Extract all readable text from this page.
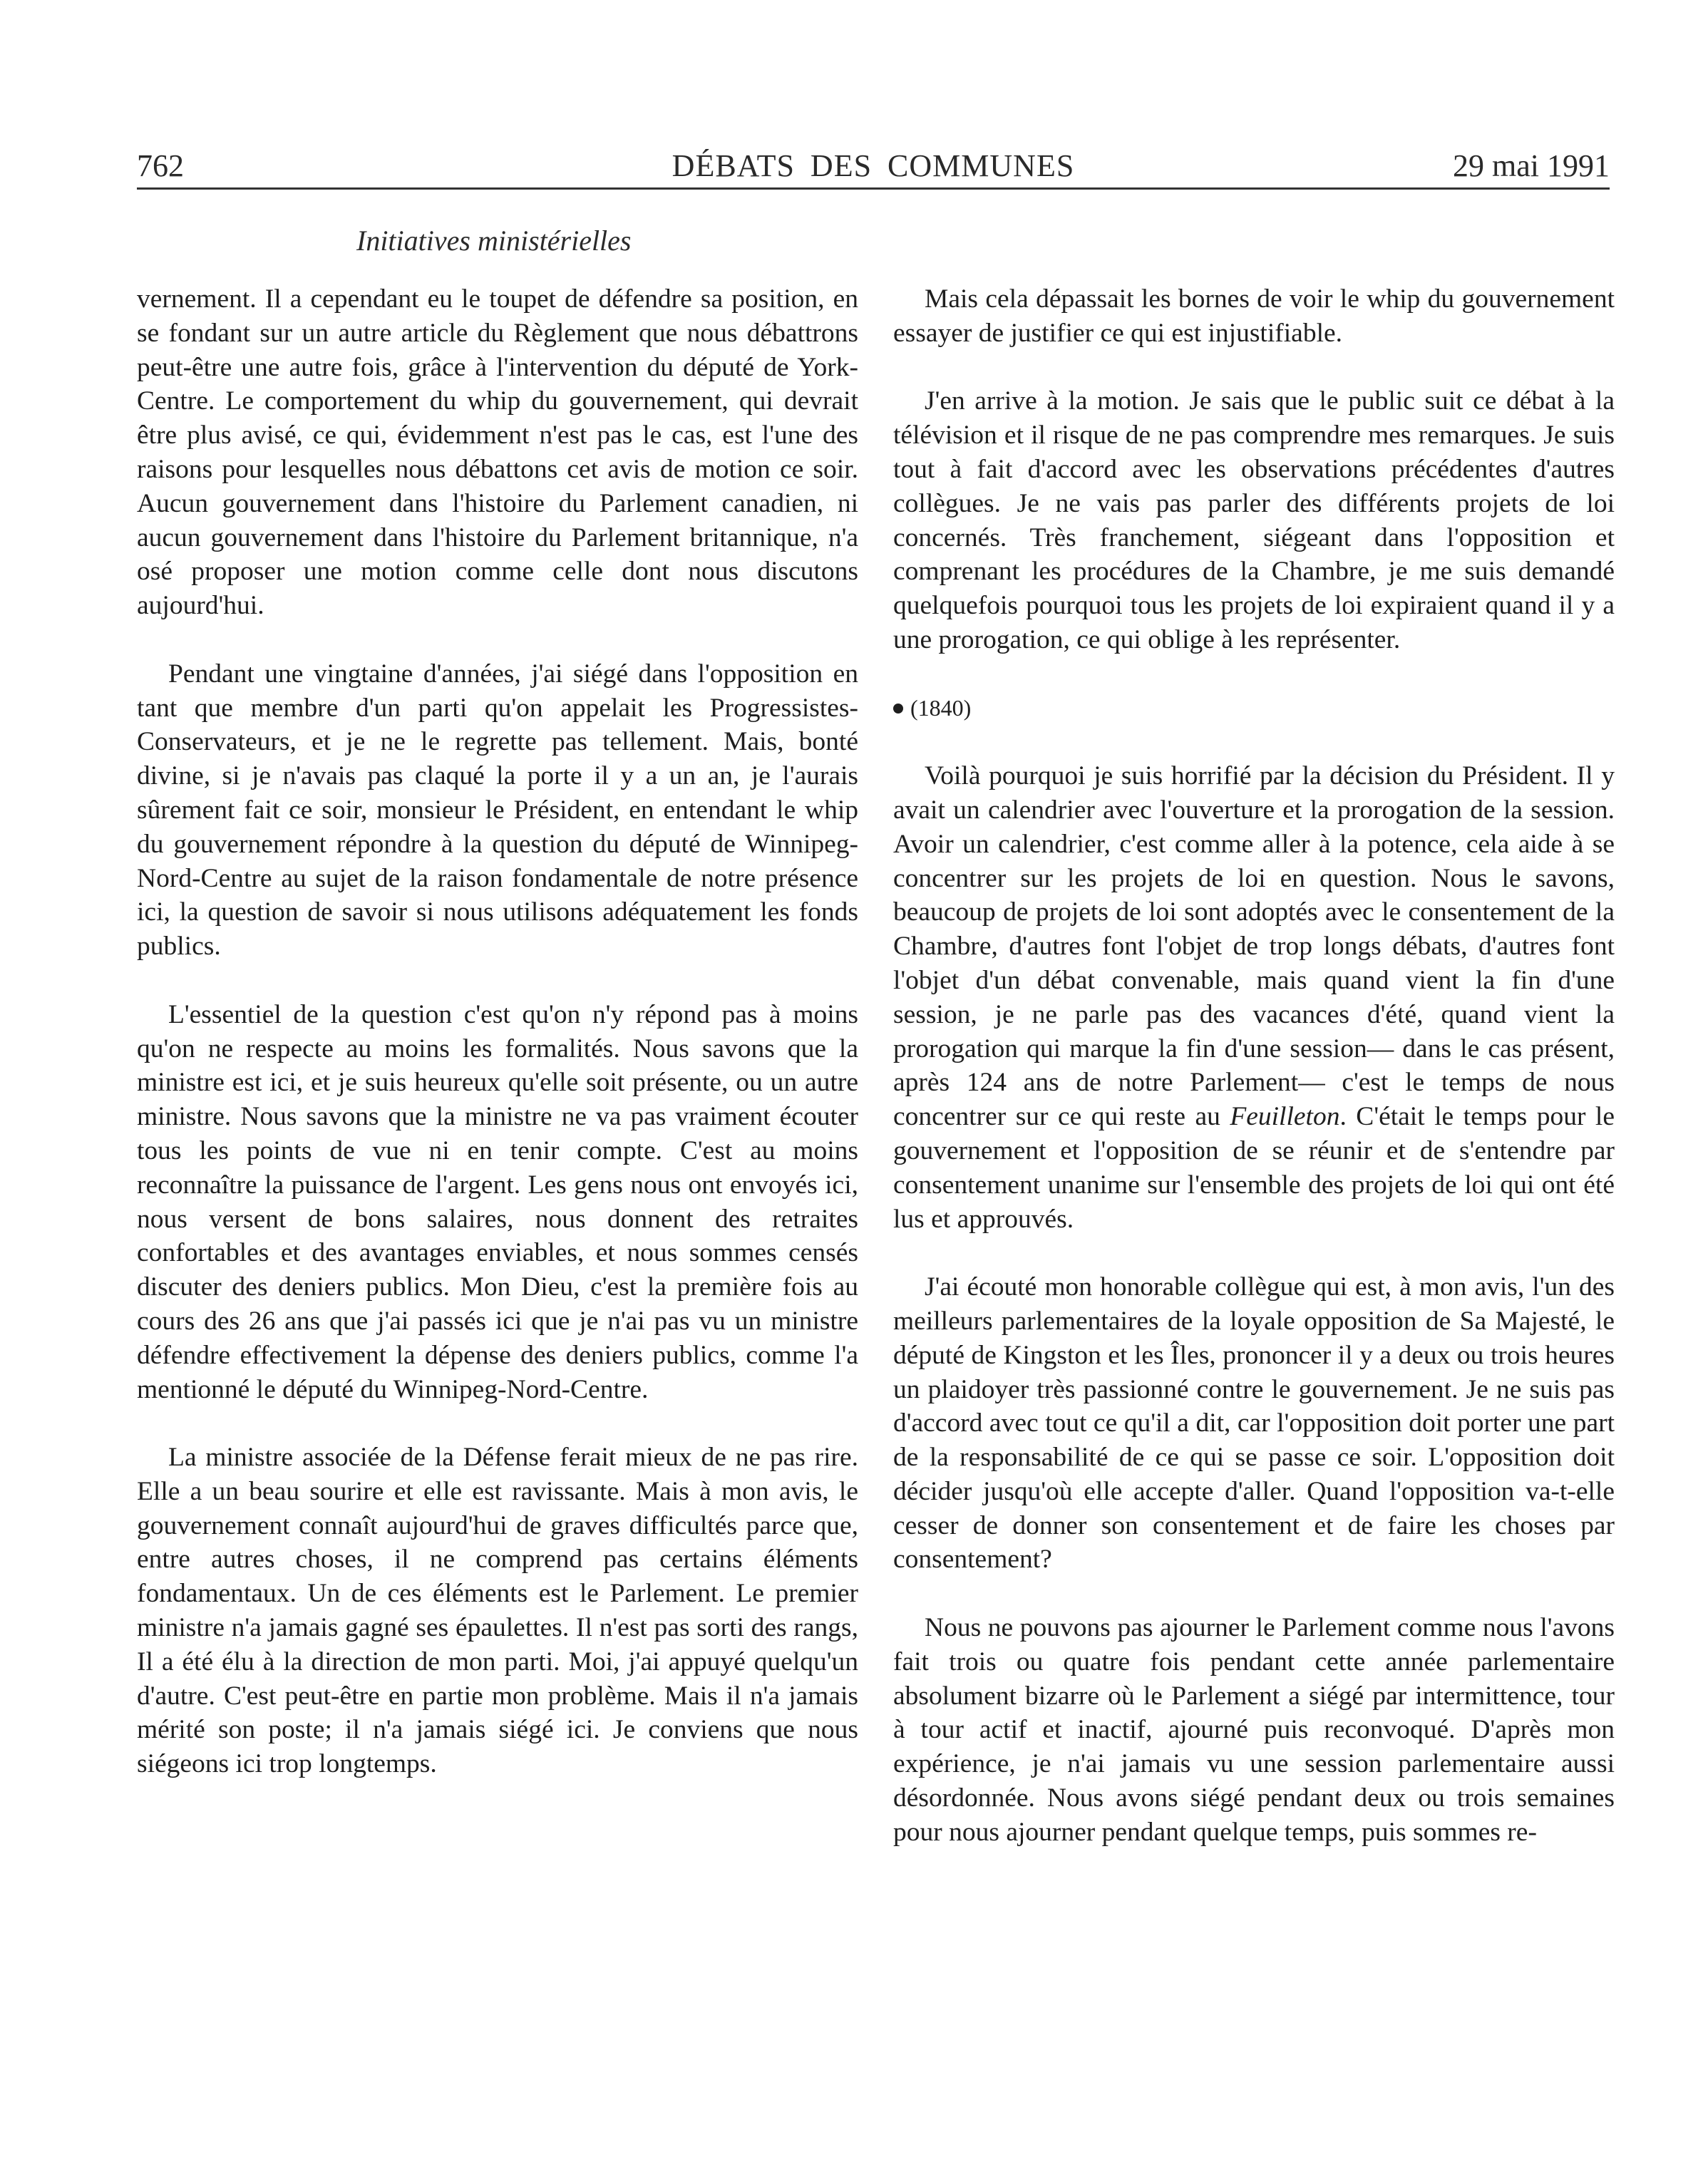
762	DÉBATS DES COMMUNES	29 mai 1991
Initiatives ministérielles

vernement. Il a cependant eu le toupet de défendre sa position, en se fondant sur un autre article du Règlement que nous débattrons peut-être une autre fois, grâce à l'intervention du député de York-Centre. Le comportement du whip du gouvernement, qui devrait être plus avisé, ce qui, évidemment n'est pas le cas, est l'une des raisons pour lesquelles nous débattons cet avis de motion ce soir. Aucun gouvernement dans l'histoire du Parlement canadien, ni aucun gouvernement dans l'histoire du Parlement britannique, n'a osé proposer une motion comme celle dont nous discutons aujourd'hui.

Pendant une vingtaine d'années, j'ai siégé dans l'opposition en tant que membre d'un parti qu'on appelait les Progressistes-Conservateurs, et je ne le regrette pas tellement. Mais, bonté divine, si je n'avais pas claqué la porte il y a un an, je l'aurais sûrement fait ce soir, monsieur le Président, en entendant le whip du gouvernement répondre à la question du député de Winnipeg-Nord-Centre au sujet de la raison fondamentale de notre présence ici, la question de savoir si nous utilisons adéquatement les fonds publics.

L'essentiel de la question c'est qu'on n'y répond pas à moins qu'on ne respecte au moins les formalités. Nous savons que la ministre est ici, et je suis heureux qu'elle soit présente, ou un autre ministre. Nous savons que la ministre ne va pas vraiment écouter tous les points de vue ni en tenir compte. C'est au moins reconnaître la puissance de l'argent. Les gens nous ont envoyés ici, nous versent de bons salaires, nous donnent des retraites confortables et des avantages enviables, et nous sommes censés discuter des deniers publics. Mon Dieu, c'est la première fois au cours des 26 ans que j'ai passés ici que je n'ai pas vu un ministre défendre effectivement la dépense des deniers publics, comme l'a mentionné le député du Winnipeg-Nord-Centre.

La ministre associée de la Défense ferait mieux de ne pas rire. Elle a un beau sourire et elle est ravissante. Mais à mon avis, le gouvernement connaît aujourd'hui de graves difficultés parce que, entre autres choses, il ne comprend pas certains éléments fondamentaux. Un de ces éléments est le Parlement. Le premier ministre n'a jamais gagné ses épaulettes. Il n'est pas sorti des rangs, Il a été élu à la direction de mon parti. Moi, j'ai appuyé quelqu'un d'autre. C'est peut-être en partie mon problème. Mais il n'a jamais mérité son poste; il n'a jamais siégé ici. Je conviens que nous siégeons ici trop longtemps.

Mais cela dépassait les bornes de voir le whip du gouvernement essayer de justifier ce qui est injustifiable.

J'en arrive à la motion. Je sais que le public suit ce débat à la télévision et il risque de ne pas comprendre mes remarques. Je suis tout à fait d'accord avec les observations précédentes d'autres collègues. Je ne vais pas parler des différents projets de loi concernés. Très franchement, siégeant dans l'opposition et comprenant les procédures de la Chambre, je me suis demandé quelquefois pourquoi tous les projets de loi expiraient quand il y a une prorogation, ce qui oblige à les représenter.

(1840)

Voilà pourquoi je suis horrifié par la décision du Président. Il y avait un calendrier avec l'ouverture et la prorogation de la session. Avoir un calendrier, c'est comme aller à la potence, cela aide à se concentrer sur les projets de loi en question. Nous le savons, beaucoup de projets de loi sont adoptés avec le consentement de la Chambre, d'autres font l'objet de trop longs débats, d'autres font l'objet d'un débat convenable, mais quand vient la fin d'une session, je ne parle pas des vacances d'été, quand vient la prorogation qui marque la fin d'une session— dans le cas présent, après 124 ans de notre Parlement— c'est le temps de nous concentrer sur ce qui reste au Feuilleton. C'était le temps pour le gouvernement et l'opposition de se réunir et de s'entendre par consentement unanime sur l'ensemble des projets de loi qui ont été lus et approuvés.

J'ai écouté mon honorable collègue qui est, à mon avis, l'un des meilleurs parlementaires de la loyale opposition de Sa Majesté, le député de Kingston et les Îles, prononcer il y a deux ou trois heures un plaidoyer très passionné contre le gouvernement. Je ne suis pas d'accord avec tout ce qu'il a dit, car l'opposition doit porter une part de la responsabilité de ce qui se passe ce soir. L'opposition doit décider jusqu'où elle accepte d'aller. Quand l'opposition va-t-elle cesser de donner son consentement et de faire les choses par consentement?

Nous ne pouvons pas ajourner le Parlement comme nous l'avons fait trois ou quatre fois pendant cette année parlementaire absolument bizarre où le Parlement a siégé par intermittence, tour à tour actif et inactif, ajourné puis reconvoqué. D'après mon expérience, je n'ai jamais vu une session parlementaire aussi désordonnée. Nous avons siégé pendant deux ou trois semaines pour nous ajourner pendant quelque temps, puis sommes re-
